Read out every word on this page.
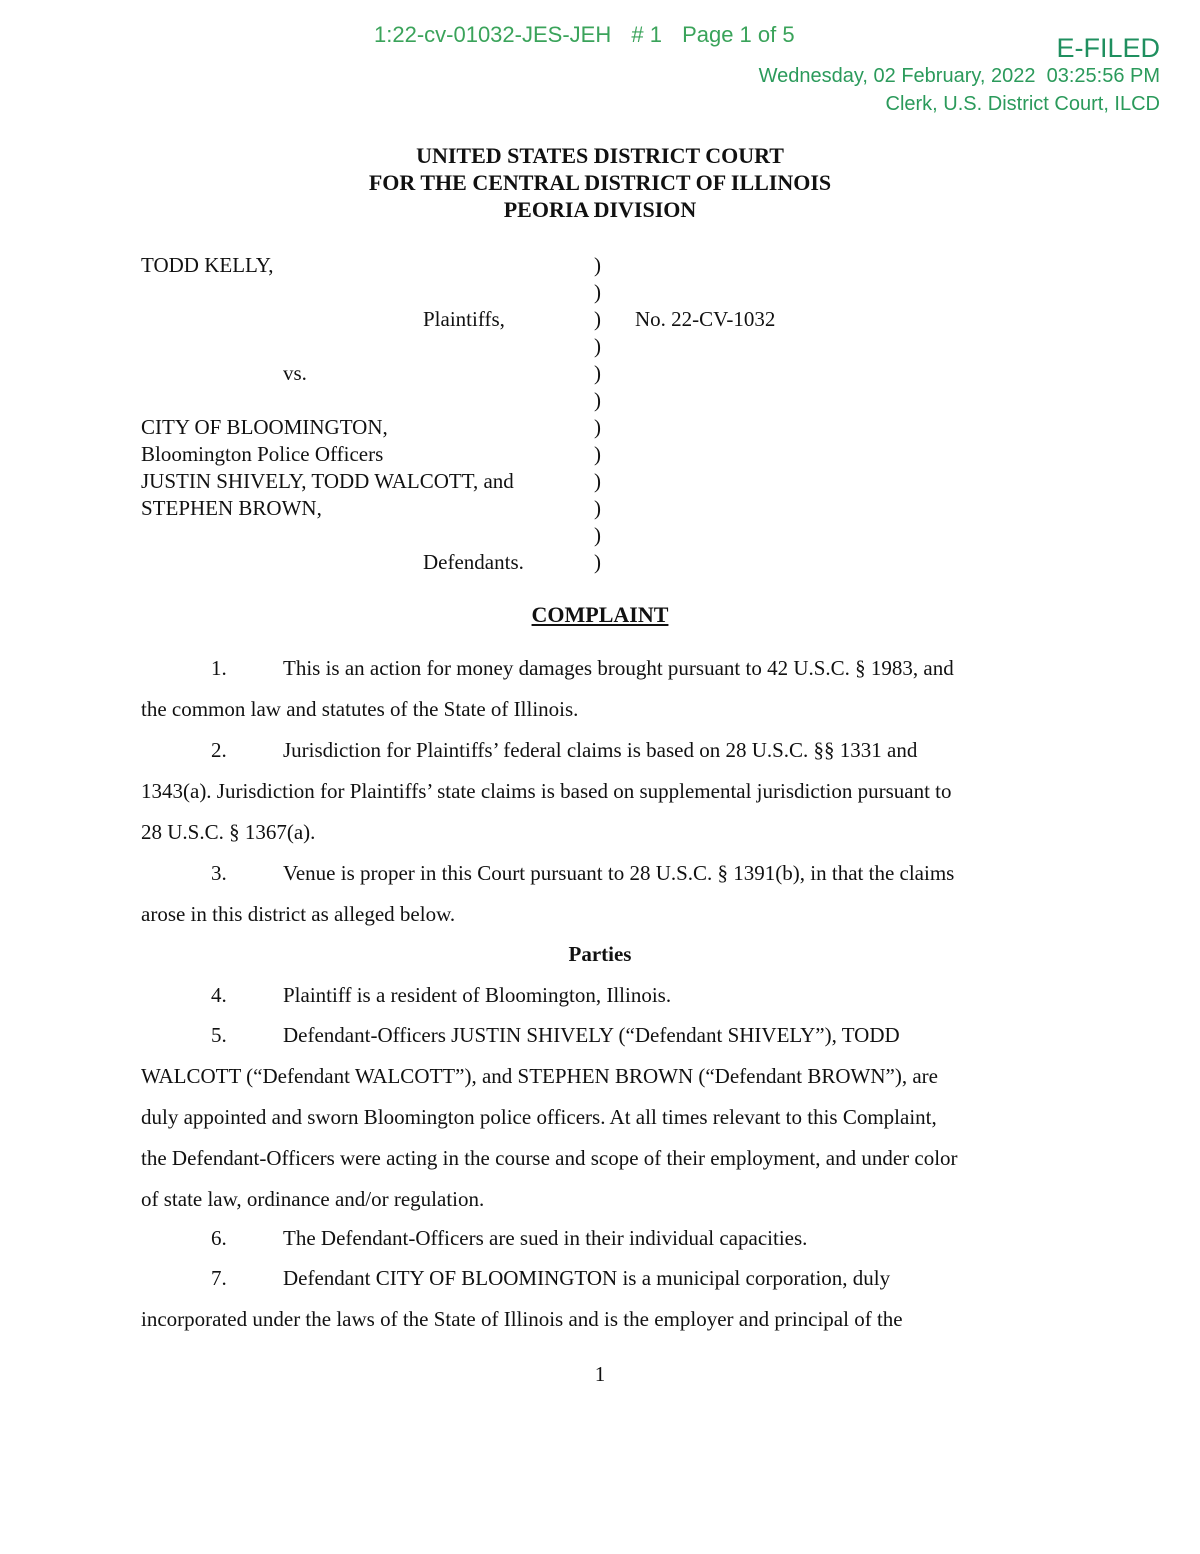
1:22-cv-01032-JES-JEH # 1 Page 1 of 5	E-FILED
Wednesday, 02 February, 2022  03:25:56 PM
Clerk, U.S. District Court, ILCD
UNITED STATES DISTRICT COURT
FOR THE CENTRAL DISTRICT OF ILLINOIS
PEORIA DIVISION
TODD KELLY,
Plaintiffs,	No. 22-CV-1032
vs.
CITY OF BLOOMINGTON,
Bloomington Police Officers
JUSTIN SHIVELY, TODD WALCOTT, and
STEPHEN BROWN,
Defendants.
)
)
)
)
)
)
)
)
)
)
)
)
COMPLAINT
1.	This is an action for money damages brought pursuant to 42 U.S.C. § 1983, and
the common law and statutes of the State of Illinois.
2.	Jurisdiction for Plaintiffs’ federal claims is based on 28 U.S.C. §§ 1331 and
1343(a). Jurisdiction for Plaintiffs’ state claims is based on supplemental jurisdiction pursuant to
28 U.S.C. § 1367(a).
3.	Venue is proper in this Court pursuant to 28 U.S.C. § 1391(b), in that the claims
arose in this district as alleged below.
Parties
4.	Plaintiff is a resident of Bloomington, Illinois.
5.	Defendant-Officers JUSTIN SHIVELY (“Defendant SHIVELY”), TODD
WALCOTT (“Defendant WALCOTT”), and STEPHEN BROWN (“Defendant BROWN”), are
duly appointed and sworn Bloomington police officers. At all times relevant to this Complaint,
the Defendant-Officers were acting in the course and scope of their employment, and under color
of state law, ordinance and/or regulation.
6.	The Defendant-Officers are sued in their individual capacities.
7.	Defendant CITY OF BLOOMINGTON is a municipal corporation, duly
incorporated under the laws of the State of Illinois and is the employer and principal of the
1
